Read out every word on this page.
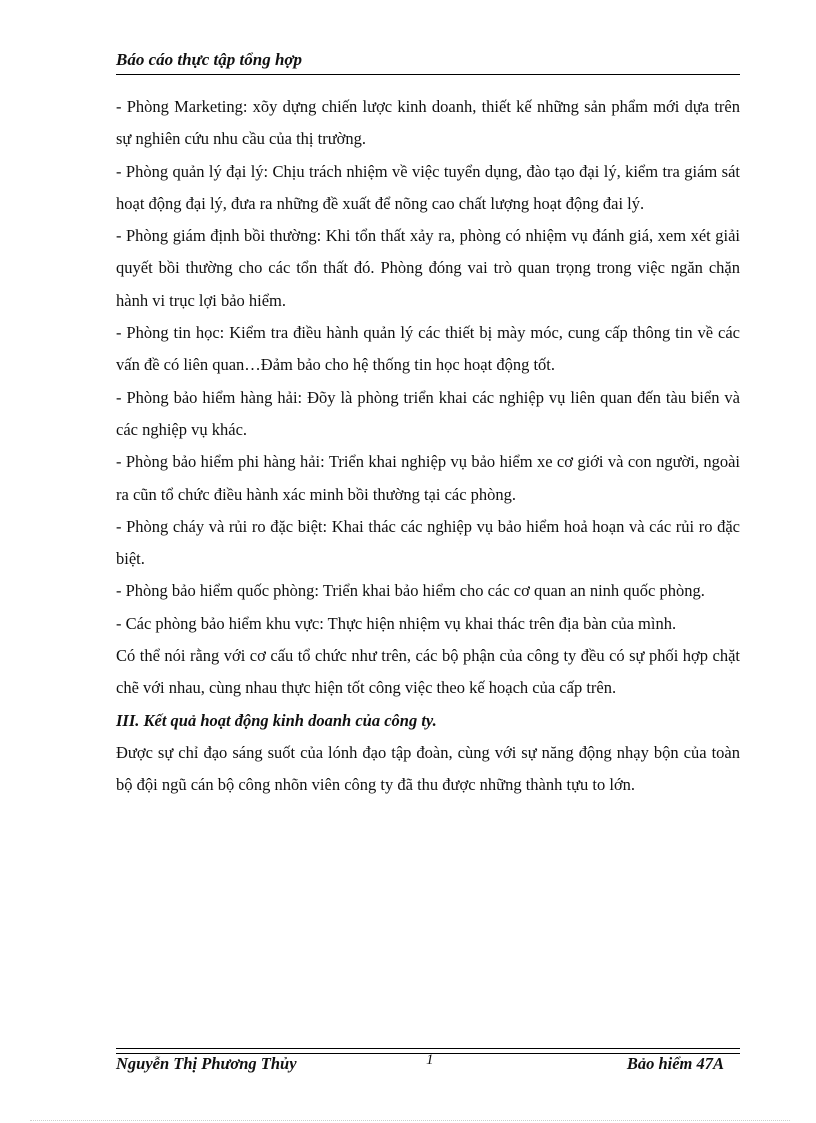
Báo cáo thực tập tổng hợp

- Phòng Marketing: xõy dựng chiến lược kinh doanh, thiết kế những sản phẩm mới dựa trên sự nghiên cứu nhu cầu của thị trường.

- Phòng quản lý đại lý: Chịu trách nhiệm về việc tuyển dụng, đào tạo đại lý, kiểm tra giám sát hoạt động đại lý, đưa ra những đề xuất để nõng cao chất lượng hoạt động đai lý.

- Phòng giám định bồi thường: Khi tổn thất xảy ra, phòng có nhiệm vụ đánh giá, xem xét giải quyết bồi thường cho các tổn thất đó. Phòng đóng vai trò quan trọng trong việc ngăn chặn hành vi trục lợi bảo hiểm.

- Phòng tin học: Kiểm tra điều hành quản lý các thiết bị mày móc, cung cấp thông tin về các vấn đề có liên quan…Đảm bảo cho hệ thống tin học hoạt động tốt.

- Phòng bảo hiểm hàng hải: Đõy là phòng triển khai các nghiệp vụ liên quan đến tàu biển và các nghiệp vụ khác.

- Phòng bảo hiểm phi hàng hải: Triển khai nghiệp vụ bảo hiểm xe cơ giới và con người, ngoài ra cũn tổ chức điều hành xác minh bồi thường tại các phòng.

- Phòng cháy và rủi ro đặc biệt: Khai thác các nghiệp vụ bảo hiểm hoả hoạn và các rủi ro đặc biệt.

- Phòng bảo hiểm quốc phòng: Triển khai bảo hiểm cho các cơ quan an ninh quốc phòng.

- Các phòng bảo hiểm khu vực: Thực hiện nhiệm vụ khai thác trên địa bàn của mình.

Có thể nói rằng với cơ cấu tổ chức như trên, các bộ phận của công ty đều có sự phối hợp chặt chẽ với nhau, cùng nhau thực hiện tốt công việc theo kế hoạch của cấp trên.

III. Kết quả hoạt động kinh doanh của công ty.

Được sự chỉ đạo sáng suốt của lónh đạo tập đoàn, cùng với sự năng động nhạy bộn của toàn bộ đội ngũ cán bộ công nhõn viên công ty đã thu được những thành tựu to lớn.

Nguyễn Thị Phương Thủy	1	Bảo hiểm 47A
